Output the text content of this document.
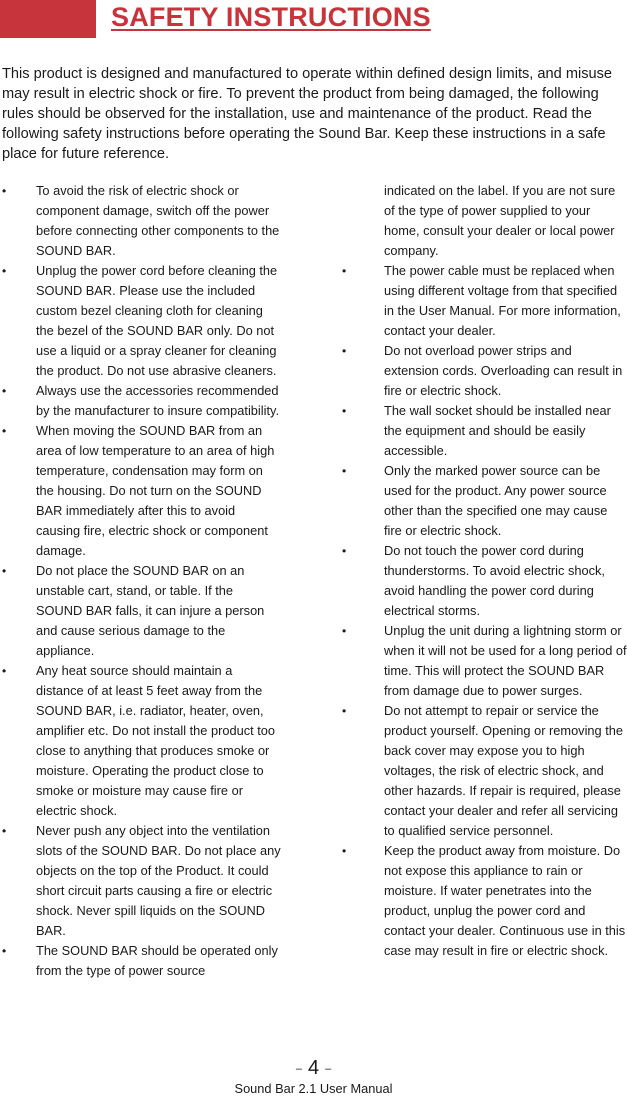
SAFETY INSTRUCTIONS

This product is designed and manufactured to operate within defined design limits, and misuse may result in electric shock or fire. To prevent the product from being damaged, the following rules should be observed for the installation, use and maintenance of the product. Read the following safety instructions before operating the Sound Bar. Keep these instructions in a safe place for future reference.

• To avoid the risk of electric shock or component damage, switch off the power before connecting other components to the SOUND BAR.
• Unplug the power cord before cleaning the SOUND BAR. Please use the included custom bezel cleaning cloth for cleaning the bezel of the SOUND BAR only. Do not use a liquid or a spray cleaner for cleaning the product. Do not use abrasive cleaners.
• Always use the accessories recommended by the manufacturer to insure compatibility.
• When moving the SOUND BAR from an area of low temperature to an area of high temperature, condensation may form on the housing. Do not turn on the SOUND BAR immediately after this to avoid causing fire, electric shock or component damage.
• Do not place the SOUND BAR on an unstable cart, stand, or table. If the SOUND BAR falls, it can injure a person and cause serious damage to the appliance.
• Any heat source should maintain a distance of at least 5 feet away from the SOUND BAR, i.e. radiator, heater, oven, amplifier etc. Do not install the product too close to anything that produces smoke or moisture. Operating the product close to smoke or moisture may cause fire or electric shock.
• Never push any object into the ventilation slots of the SOUND BAR. Do not place any objects on the top of the Product. It could short circuit parts causing a fire or electric shock. Never spill liquids on the SOUND BAR.
• The SOUND BAR should be operated only from the type of power source
indicated on the label. If you are not sure of the type of power supplied to your home, consult your dealer or local power company.
• The power cable must be replaced when using different voltage from that specified in the User Manual. For more information, contact your dealer.
• Do not overload power strips and extension cords. Overloading can result in fire or electric shock.
• The wall socket should be installed near the equipment and should be easily accessible.
• Only the marked power source can be used for the product. Any power source other than the specified one may cause fire or electric shock.
• Do not touch the power cord during thunderstorms. To avoid electric shock, avoid handling the power cord during electrical storms.
• Unplug the unit during a lightning storm or when it will not be used for a long period of time. This will protect the SOUND BAR from damage due to power surges.
• Do not attempt to repair or service the product yourself. Opening or removing the back cover may expose you to high voltages, the risk of electric shock, and other hazards. If repair is required, please contact your dealer and refer all servicing to qualified service personnel.
• Keep the product away from moisture. Do not expose this appliance to rain or moisture. If water penetrates into the product, unplug the power cord and contact your dealer. Continuous use in this case may result in fire or electric shock.
– 4 –
Sound Bar 2.1 User Manual
